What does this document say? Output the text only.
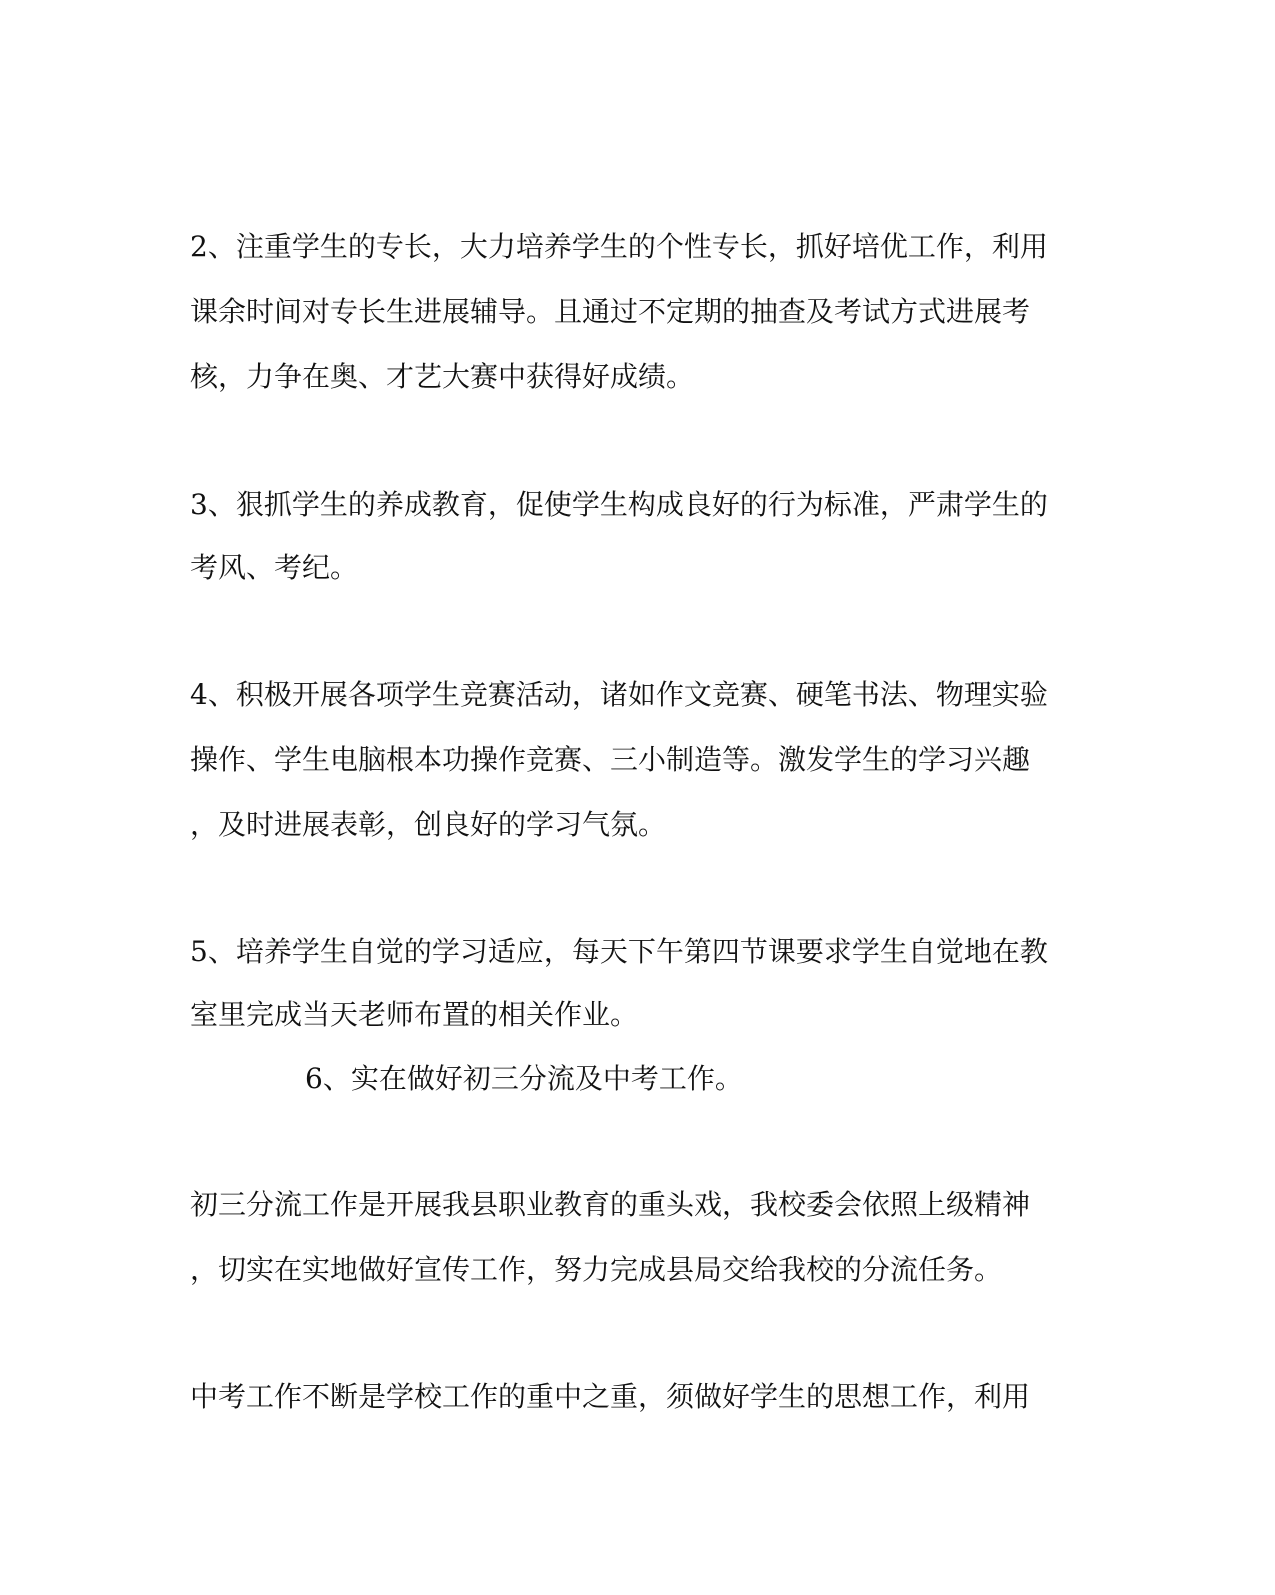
2、注重学生的专长，大力培养学生的个性专长，抓好培优工作，利用

课余时间对专长生进展辅导。且通过不定期的抽查及考试方式进展考

核，力争在奥、才艺大赛中获得好成绩。

3、狠抓学生的养成教育，促使学生构成良好的行为标准，严肃学生的

考风、考纪。

4、积极开展各项学生竞赛活动，诸如作文竞赛、硬笔书法、物理实验

操作、学生电脑根本功操作竞赛、三小制造等。激发学生的学习兴趣

，及时进展表彰，创良好的学习气氛。

5、培养学生自觉的学习适应，每天下午第四节课要求学生自觉地在教

室里完成当天老师布置的相关作业。

6、实在做好初三分流及中考工作。

初三分流工作是开展我县职业教育的重头戏，我校委会依照上级精神

，切实在实地做好宣传工作，努力完成县局交给我校的分流任务。

中考工作不断是学校工作的重中之重，须做好学生的思想工作，利用
